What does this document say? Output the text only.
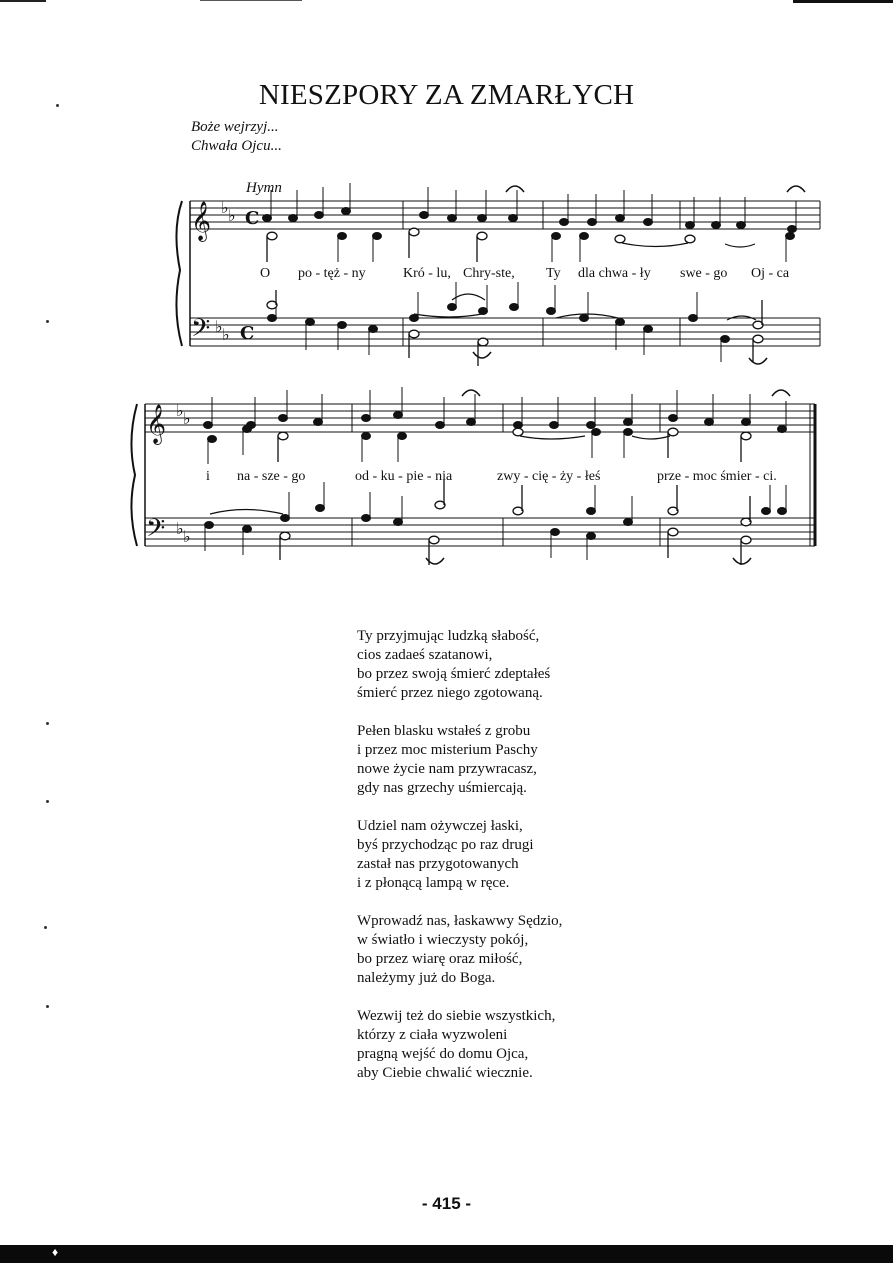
NIESZPORY ZA ZMARŁYCH
Boże wejrzyj...
Chwała Ojcu...
Hymn
𝄞
𝄢
𝄞
𝄢
♭ ♭
♭ ♭
♭ ♭
♭ ♭
C
C
O po - tęż - ny	Kró - lu, Chry-ste, Ty dla chwa - ły swe - go Oj - ca
i na - sze - go	od - ku - pie - nia	zwy - cię - ży - łeś	prze - moc śmier - ci.
Ty przyjmując ludzką słabość,
cios zadaeś szatanowi,
bo przez swoją śmierć zdeptałeś
śmierć przez niego zgotowaną.
Pełen blasku wstałeś z grobu
i przez moc misterium Paschy
nowe życie nam przywracasz,
gdy nas grzechy uśmiercają.
Udziel nam ożywczej łaski,
byś przychodząc po raz drugi
zastał nas przygotowanych
i z płonącą lampą w ręce.
Wprowadź nas, łaskawwy Sędzio,
w światło i wieczysty pokój,
bo przez wiarę oraz miłość,
należymy już do Boga.
Wezwij też do siebie wszystkich,
którzy z ciała wyzwoleni
pragną wejść do domu Ojca,
aby Ciebie chwalić wiecznie.
- 415 -
♦
